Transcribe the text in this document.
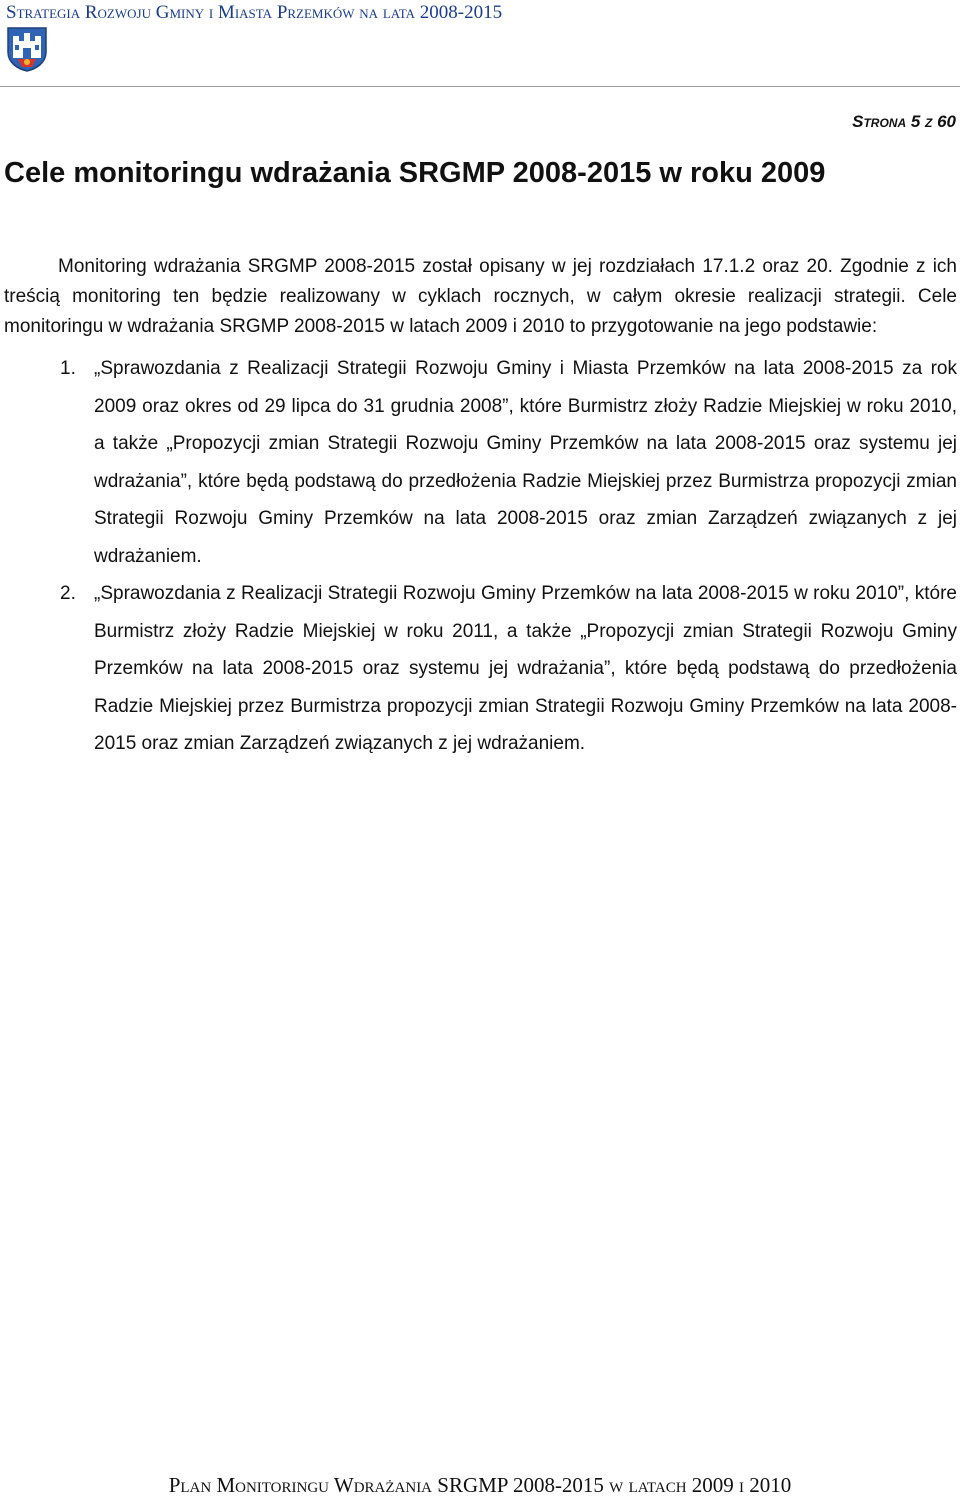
Strategia Rozwoju Gminy i Miasta Przemków na lata 2008-2015
Strona 5 z 60
Cele monitoringu wdrażania SRGMP 2008-2015 w roku 2009

Monitoring wdrażania SRGMP 2008-2015 został opisany w jej rozdziałach 17.1.2 oraz 20. Zgodnie z ich treścią monitoring ten będzie realizowany w cyklach rocznych, w całym okresie realizacji strategii. Cele monitoringu w wdrażania SRGMP 2008-2015 w latach 2009 i 2010 to przygotowanie na jego podstawie:

1. „Sprawozdania z Realizacji Strategii Rozwoju Gminy i Miasta Przemków na lata 2008-2015 za rok 2009 oraz okres od 29 lipca do 31 grudnia 2008”, które Burmistrz złoży Radzie Miejskiej w roku 2010, a także „Propozycji zmian Strategii Rozwoju Gminy Przemków na lata 2008-2015 oraz systemu jej wdrażania”, które będą podstawą do przedłożenia Radzie Miejskiej przez Burmistrza propozycji zmian Strategii Rozwoju Gminy Przemków na lata 2008-2015 oraz zmian Zarządzeń związanych z jej wdrażaniem.
2. „Sprawozdania z Realizacji Strategii Rozwoju Gminy Przemków na lata 2008-2015 w roku 2010”, które Burmistrz złoży Radzie Miejskiej w roku 2011, a także „Propozycji zmian Strategii Rozwoju Gminy Przemków na lata 2008-2015 oraz systemu jej wdrażania”, które będą podstawą do przedłożenia Radzie Miejskiej przez Burmistrza propozycji zmian Strategii Rozwoju Gminy Przemków na lata 2008-2015 oraz zmian Zarządzeń związanych z jej wdrażaniem.
Plan Monitoringu Wdrażania SRGMP 2008-2015 w latach 2009 i 2010
